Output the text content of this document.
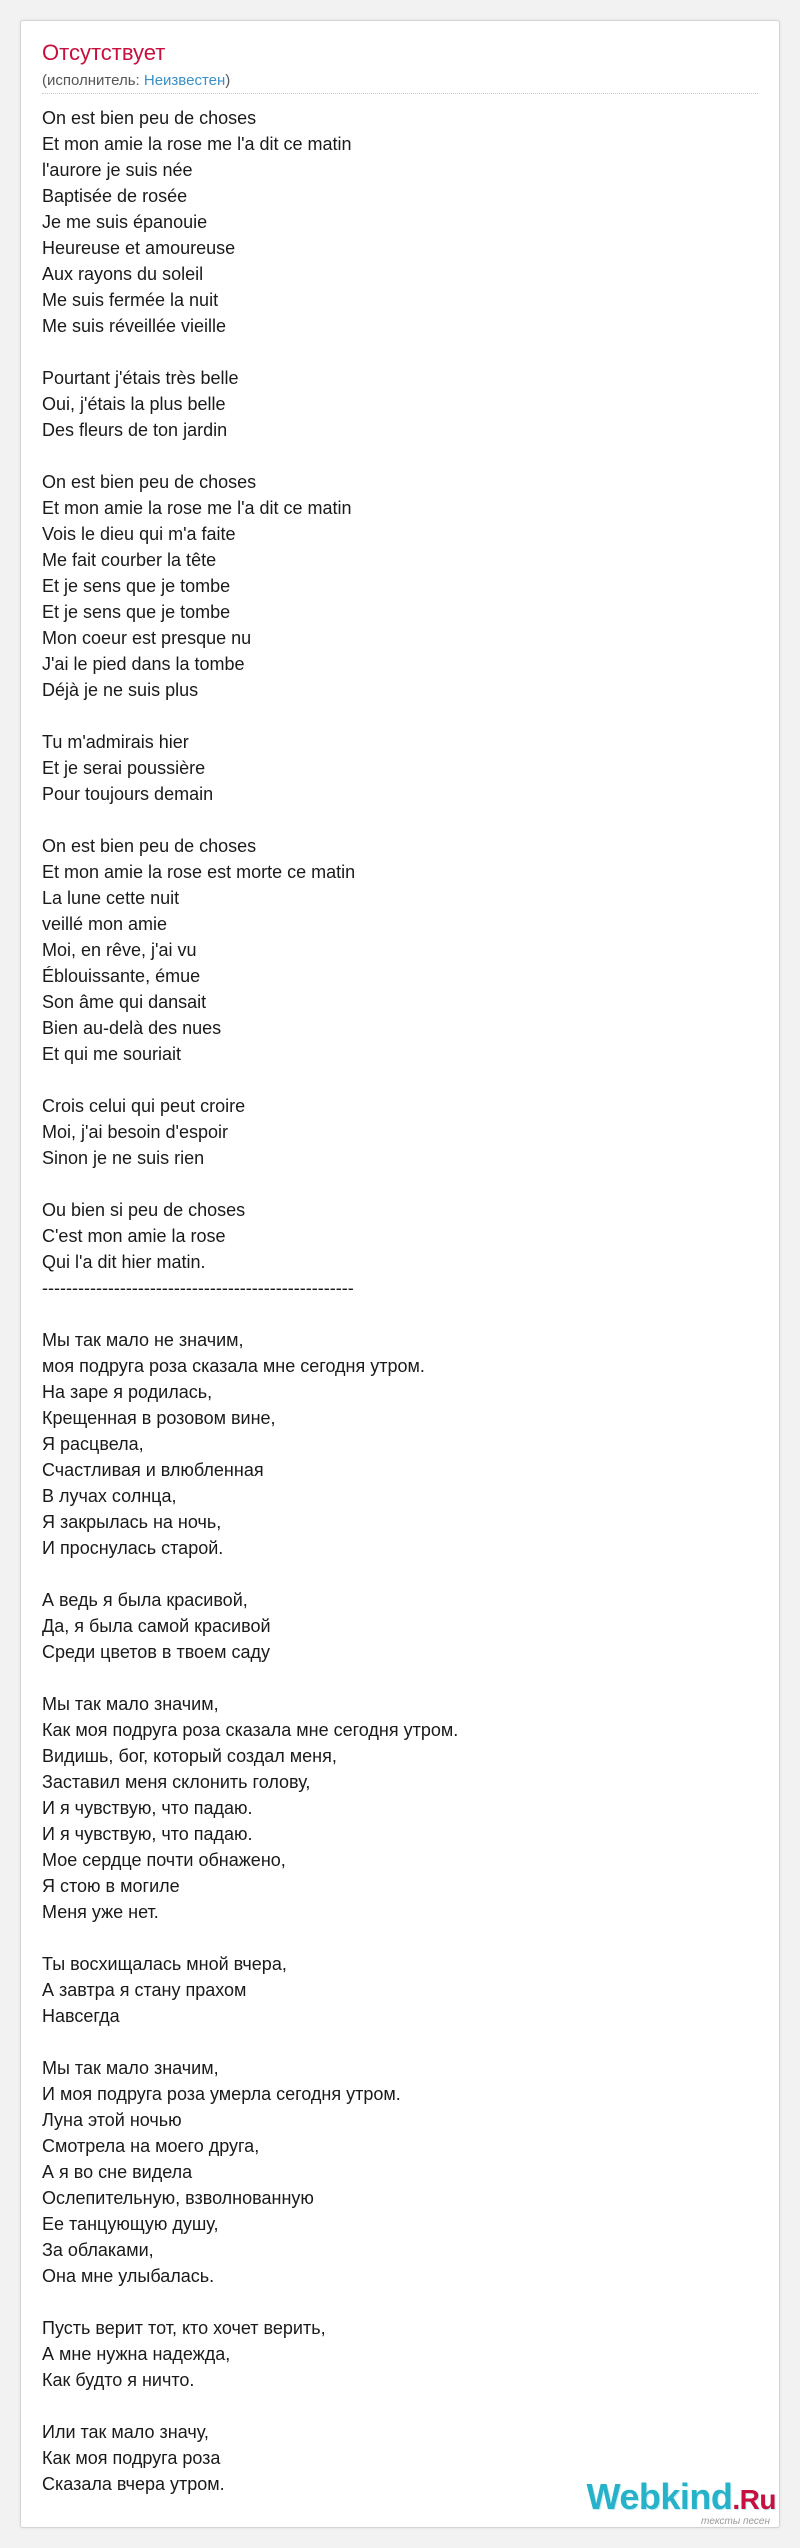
Отсутствует
(исполнитель: Неизвестен)
On est bien peu de choses
Et mon amie la rose me l'a dit ce matin
l'aurore je suis née
Baptisée de rosée
Je me suis épanouie
Heureuse et amoureuse
Aux rayons du soleil
Me suis fermée la nuit
Me suis réveillée vieille
Pourtant j'étais très belle
Oui, j'étais la plus belle
Des fleurs de ton jardin
On est bien peu de choses
Et mon amie la rose me l'a dit ce matin
Vois le dieu qui m'a faite
Me fait courber la tête
Et je sens que je tombe
Et je sens que je tombe
Mon coeur est presque nu
J'ai le pied dans la tombe
Déjà je ne suis plus
Tu m'admirais hier
Et je serai poussière
Pour toujours demain
On est bien peu de choses
Et mon amie la rose est morte ce matin
La lune cette nuit
veillé mon amie
Moi, en rêve, j'ai vu
Éblouissante, émue
Son âme qui dansait
Bien au-delà des nues
Et qui me souriait
Crois celui qui peut croire
Moi, j'ai besoin d'espoir
Sinon je ne suis rien
Ou bien si peu de choses
C'est mon amie la rose
Qui l'a dit hier matin.
----------------------------------------------------
Мы так мало не значим,
моя подруга роза сказала мне сегодня утром.
На заре я родилась,
Крещенная в розовом вине,
Я расцвела,
Счастливая и влюбленная
В лучах солнца,
Я закрылась на ночь,
И проснулась старой.
А ведь я была красивой,
Да, я была самой красивой
Среди цветов в твоем саду
Мы так мало значим,
Как моя подруга роза сказала мне сегодня утром.
Видишь, бог, который создал меня,
Заставил меня склонить голову,
И я чувствую, что падаю.
И я чувствую, что падаю.
Мое сердце почти обнажено,
Я стою в могиле
Меня уже нет.
Ты восхищалась мной вчера,
А завтра я стану прахом
Навсегда
Мы так мало значим,
И моя подруга роза умерла сегодня утром.
Луна этой ночью
Смотрела на моего друга,
А я во сне видела
Ослепительную, взволнованную
Ее танцующую душу,
За облаками,
Она мне улыбалась.
Пусть верит тот, кто хочет верить,
А мне нужна надежда,
Как будто я ничто.
Или так мало значу,
Как моя подруга роза
Сказала вчера утром.	Webkind.Ru
тексты песен
